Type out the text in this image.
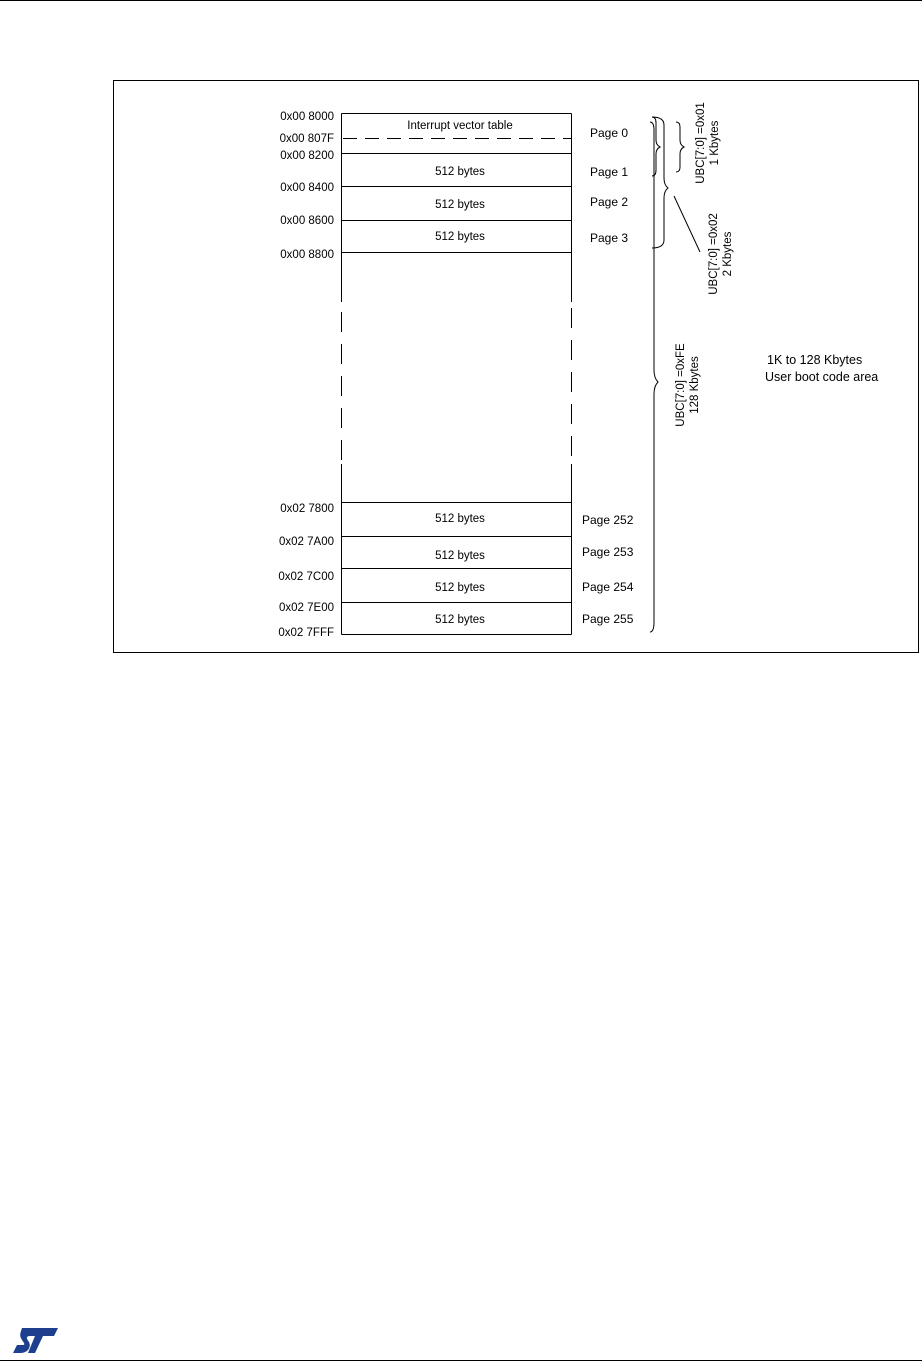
0x00 8000
0x00 807F
0x00 8200
0x00 8400
0x00 8600
0x00 8800
0x02 7800
0x02 7A00
0x02 7C00
0x02 7E00
0x02 7FFF
Interrupt vector table
512 bytes
512 bytes
512 bytes
512 bytes
512 bytes
512 bytes
512 bytes
Page 0
Page 1
Page 2
Page 3
Page 252
Page 253
Page 254
Page 255
UBC[7:0] =0x01 1 Kbytes
UBC[7:0] =0x02 2 Kbytes
UBC[7:0] =0xFE 128 Kbytes	1K to 128 Kbytes
User boot code area
